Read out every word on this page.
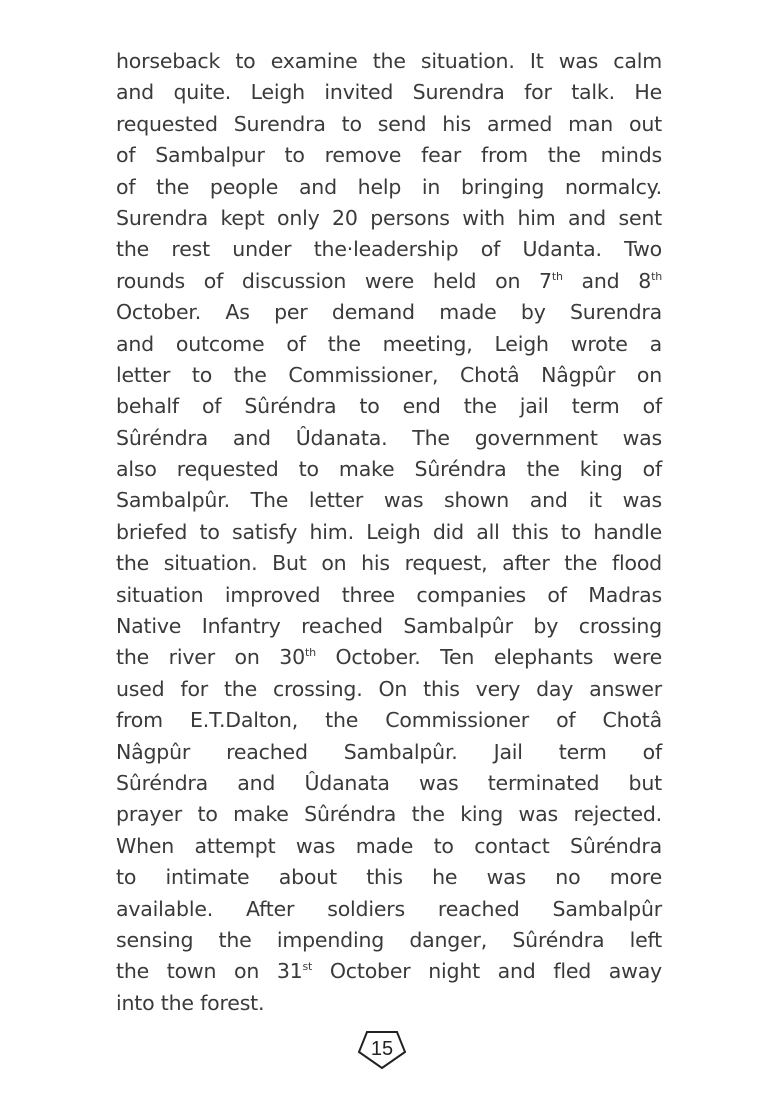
horseback to examine the situation. It was calm
and quite. Leigh invited Surendra for talk. He
requested Surendra to send his armed man out
of Sambalpur to remove fear from the minds
of the people and help in bringing normalcy.
Surendra kept only 20 persons with him and sent
the rest under the·leadership of Udanta. Two
rounds of discussion were held on 7th and 8th
October. As per demand made by Surendra
and outcome of the meeting, Leigh wrote a
letter to the Commissioner, Chotâ Nâgpûr on
behalf of Sûréndra to end the jail term of
Sûréndra and Ûdanata. The government was
also requested to make Sûréndra the king of
Sambalpûr. The letter was shown and it was
briefed to satisfy him. Leigh did all this to handle
the situation. But on his request, after the flood
situation improved three companies of Madras
Native Infantry reached Sambalpûr by crossing
the river on 30th October. Ten elephants were
used for the crossing. On this very day answer
from E.T.Dalton, the Commissioner of Chotâ
Nâgpûr reached Sambalpûr. Jail term of
Sûréndra and Ûdanata was terminated but
prayer to make Sûréndra the king was rejected.
When attempt was made to contact Sûréndra
to intimate about this he was no more
available. After soldiers reached Sambalpûr
sensing the impending danger, Sûréndra left
the town on 31st October night and fled away
into the forest.
15
